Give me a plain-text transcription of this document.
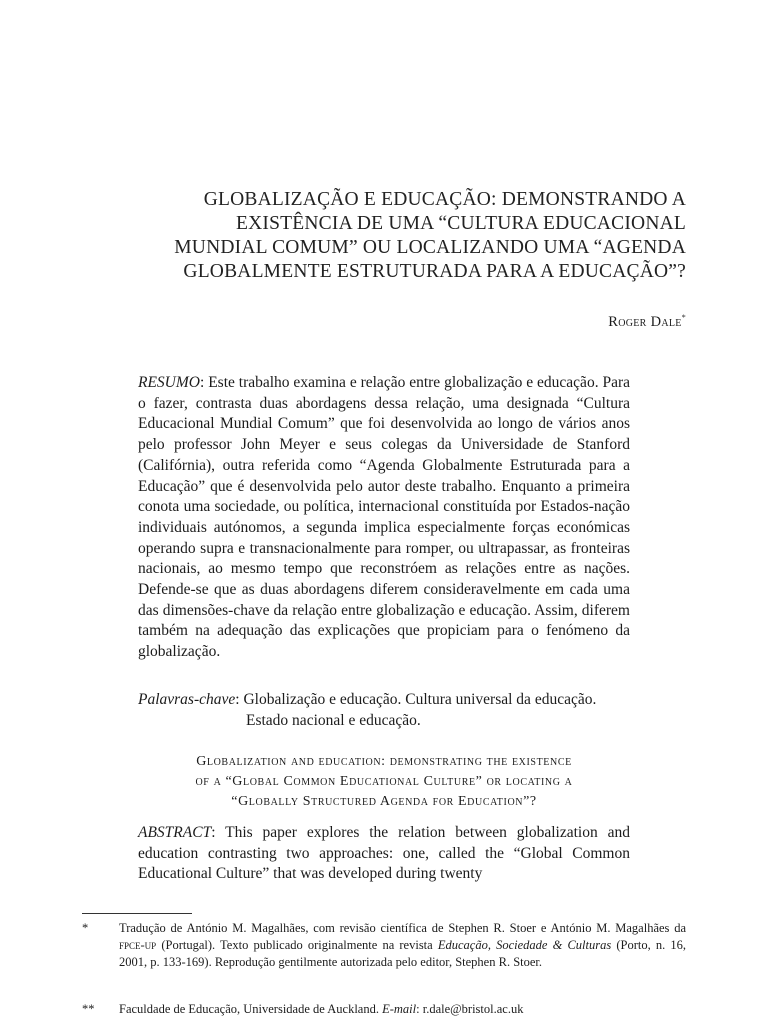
GLOBALIZAÇÃO E EDUCAÇÃO: DEMONSTRANDO A
EXISTÊNCIA DE UMA “CULTURA EDUCACIONAL
MUNDIAL COMUM” OU LOCALIZANDO UMA “AGENDA
GLOBALMENTE ESTRUTURADA PARA A EDUCAÇÃO”?
Roger Dale*
RESUMO: Este trabalho examina e relação entre globalização e educação. Para o fazer, contrasta duas abordagens dessa relação, uma designada “Cultura Educacional Mundial Comum” que foi desenvolvida ao longo de vários anos pelo professor John Meyer e seus colegas da Universidade de Stanford (Califórnia), outra referida como “Agenda Globalmente Estruturada para a Educação” que é desenvolvida pelo autor deste trabalho. Enquanto a primeira conota uma sociedade, ou política, internacional constituída por Estados-nação individuais autónomos, a segunda implica especialmente forças económicas operando supra e transnacionalmente para romper, ou ultrapassar, as fronteiras nacionais, ao mesmo tempo que reconstróem as relações entre as nações. Defende-se que as duas abordagens diferem consideravelmente em cada uma das dimensões-chave da relação entre globalização e educação. Assim, diferem também na adequação das explicações que propiciam para o fenómeno da globalização.
Palavras-chave: Globalização e educação. Cultura universal da educação.
Estado nacional e educação.
Globalization and education: demonstrating the existence
of a “Global Common Educational Culture” or locating a
“Globally Structured Agenda for Education”?
ABSTRACT: This paper explores the relation between globalization and education contrasting two approaches: one, called the “Global Common Educational Culture” that was developed during twenty
* Tradução de António M. Magalhães, com revisão científica de Stephen R. Stoer e António M. Magalhães da fpce-up (Portugal). Texto publicado originalmente na revista Educação, Sociedade & Culturas (Porto, n. 16, 2001, p. 133-169). Reprodução gentilmente autorizada pelo editor, Stephen R. Stoer.
** Faculdade de Educação, Universidade de Auckland. E-mail: r.dale@bristol.ac.uk
